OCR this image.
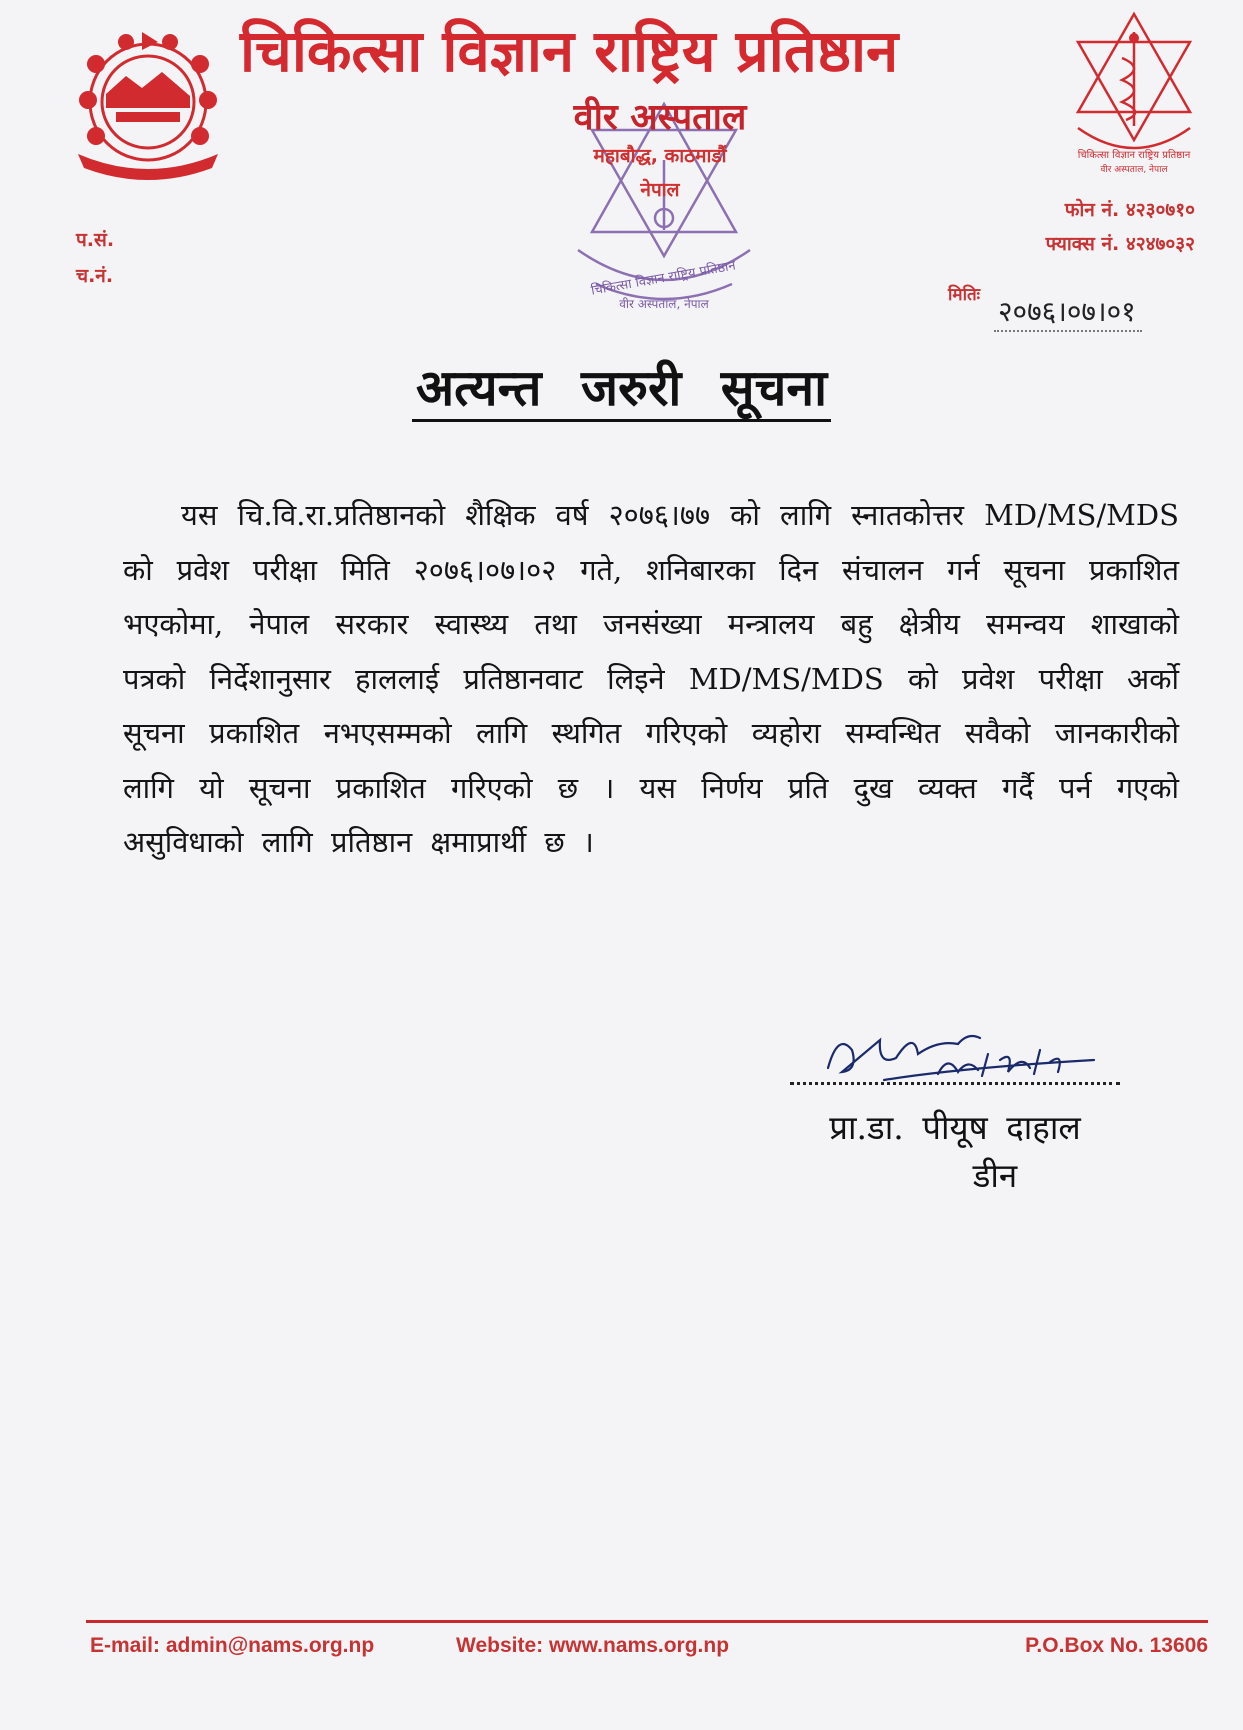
चिकित्सा विज्ञान राष्ट्रिय प्रतिष्ठान
वीर अस्पताल, नेपाल
चिकित्सा विज्ञान राष्ट्रिय प्रतिष्ठान
चिकित्सा विज्ञान राष्ट्रिय प्रतिष्ठान
वीर अस्पताल, नेपाल
वीर अस्पताल
महाबौद्ध, काठमाडौं
नेपाल
प.सं.
च.नं.
फोन नं. ४२३०७१०
फ्याक्स नं. ४२४७०३२
मितिः २०७६।०७।०१
अत्यन्त जरुरी सूचना
यस चि.वि.रा.प्रतिष्ठानको शैक्षिक वर्ष २०७६।७७ को लागि स्नातकोत्तर MD/MS/MDS को प्रवेश परीक्षा मिति २०७६।०७।०२ गते, शनिबारका दिन संचालन गर्न सूचना प्रकाशित भएकोमा, नेपाल सरकार स्वास्थ्य तथा जनसंख्या मन्त्रालय बहु क्षेत्रीय समन्वय शाखाको पत्रको निर्देशानुसार हाललाई प्रतिष्ठानवाट लिइने MD/MS/MDS को प्रवेश परीक्षा अर्को सूचना प्रकाशित नभएसम्मको लागि स्थगित गरिएको व्यहोरा सम्वन्धित सवैको जानकारीको लागि यो सूचना प्रकाशित गरिएको छ । यस निर्णय प्रति दुख व्यक्त गर्दै पर्न गएको असुविधाको लागि प्रतिष्ठान क्षमाप्रार्थी छ ।
प्रा.डा. पीयूष दाहाल
डीन
E-mail: admin@nams.org.np	Website: www.nams.org.np	P.O.Box No. 13606
